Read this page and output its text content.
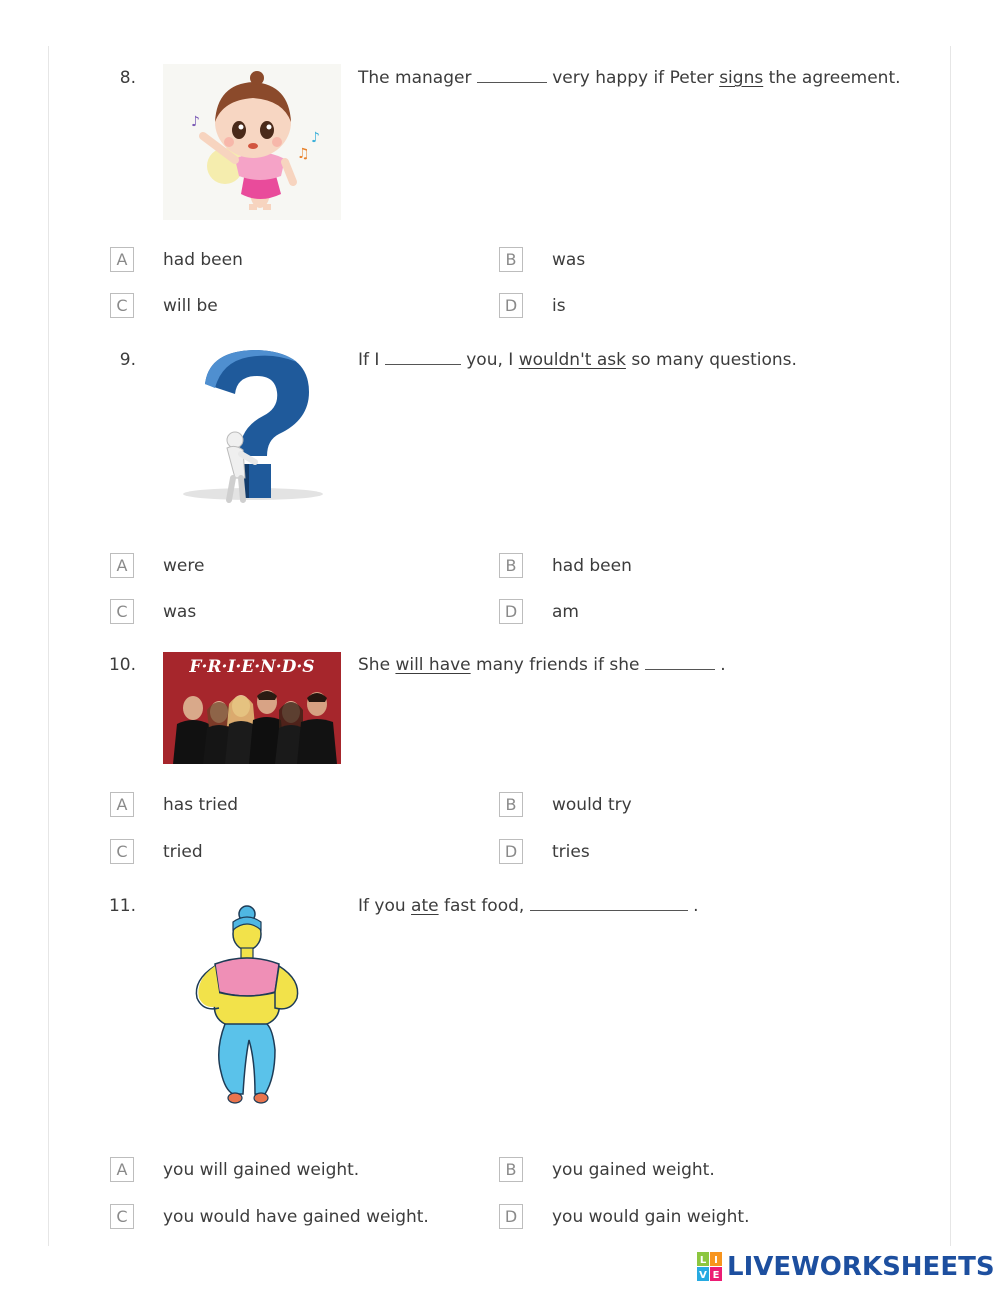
8.
♪
♫
♪
The manager	very happy if Peter signs the agreement.
A	had been	B	was
C	will be	D	is
9.	If I	you, I wouldn't ask so many questions.
A	were	B	had been
C	was	D	am
10.	F·R·I·E·N·D·S	She will have many friends if she	.
A	has tried	B	would try
C	tried	D	tries
11.	If you ate fast food,	.
A	you will gained weight.	B	you gained weight.
C	you would have gained weight.	D	you would gain weight.
L I
V E LIVEWORKSHEETS
